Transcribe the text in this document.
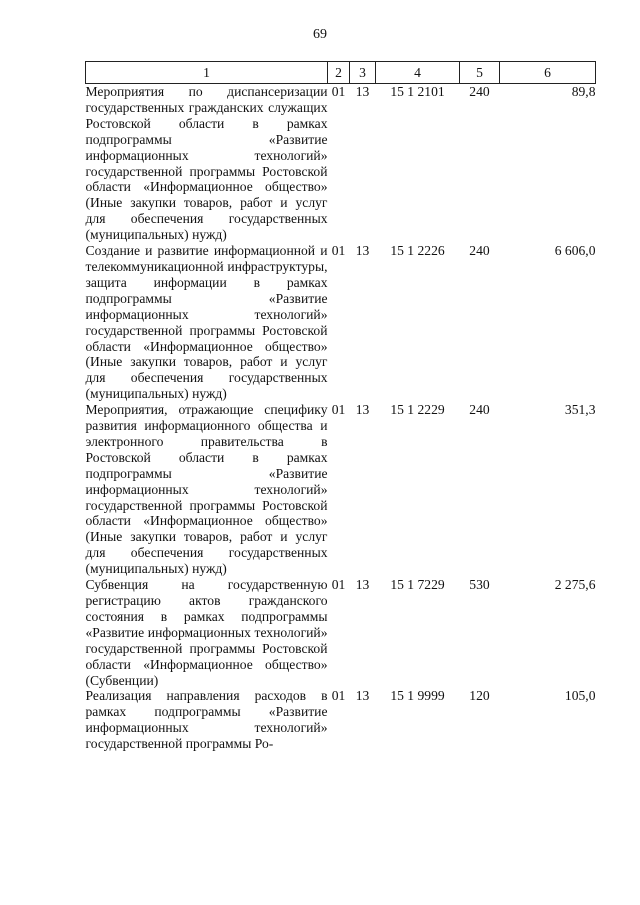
69
1	2	3	4	5	6
Мероприятия по диспансеризации государственных гражданских служащих Ростовской области в рамках подпрограммы «Развитие информационных технологий» государственной программы Ростовской области «Информационное общество» (Иные закупки товаров, работ и услуг для обеспечения государственных (муниципальных) нужд)	01	13	15 1 2101	240	89,8
Создание и развитие информационной и телекоммуникационной инфраструктуры, защита информации в рамках подпрограммы «Развитие информационных технологий» государственной программы Ростовской области «Информационное общество» (Иные закупки товаров, работ и услуг для обеспечения государственных (муниципальных) нужд)	01	13	15 1 2226	240	6 606,0
Мероприятия, отражающие специфику развития информационного общества и электронного правительства в Ростовской области в рамках подпрограммы «Развитие информационных технологий» государственной программы Ростовской области «Информационное общество» (Иные закупки товаров, работ и услуг для обеспечения государственных (муниципальных) нужд)	01	13	15 1 2229	240	351,3
Субвенция на государственную регистрацию актов гражданского состояния в рамках подпрограммы «Развитие информационных технологий» государственной программы Ростовской области «Информационное общество» (Субвенции)	01	13	15 1 7229	530	2 275,6
Реализация направления расходов в рамках подпрограммы «Развитие информационных технологий» государственной программы Ро-	01	13	15 1 9999	120	105,0
